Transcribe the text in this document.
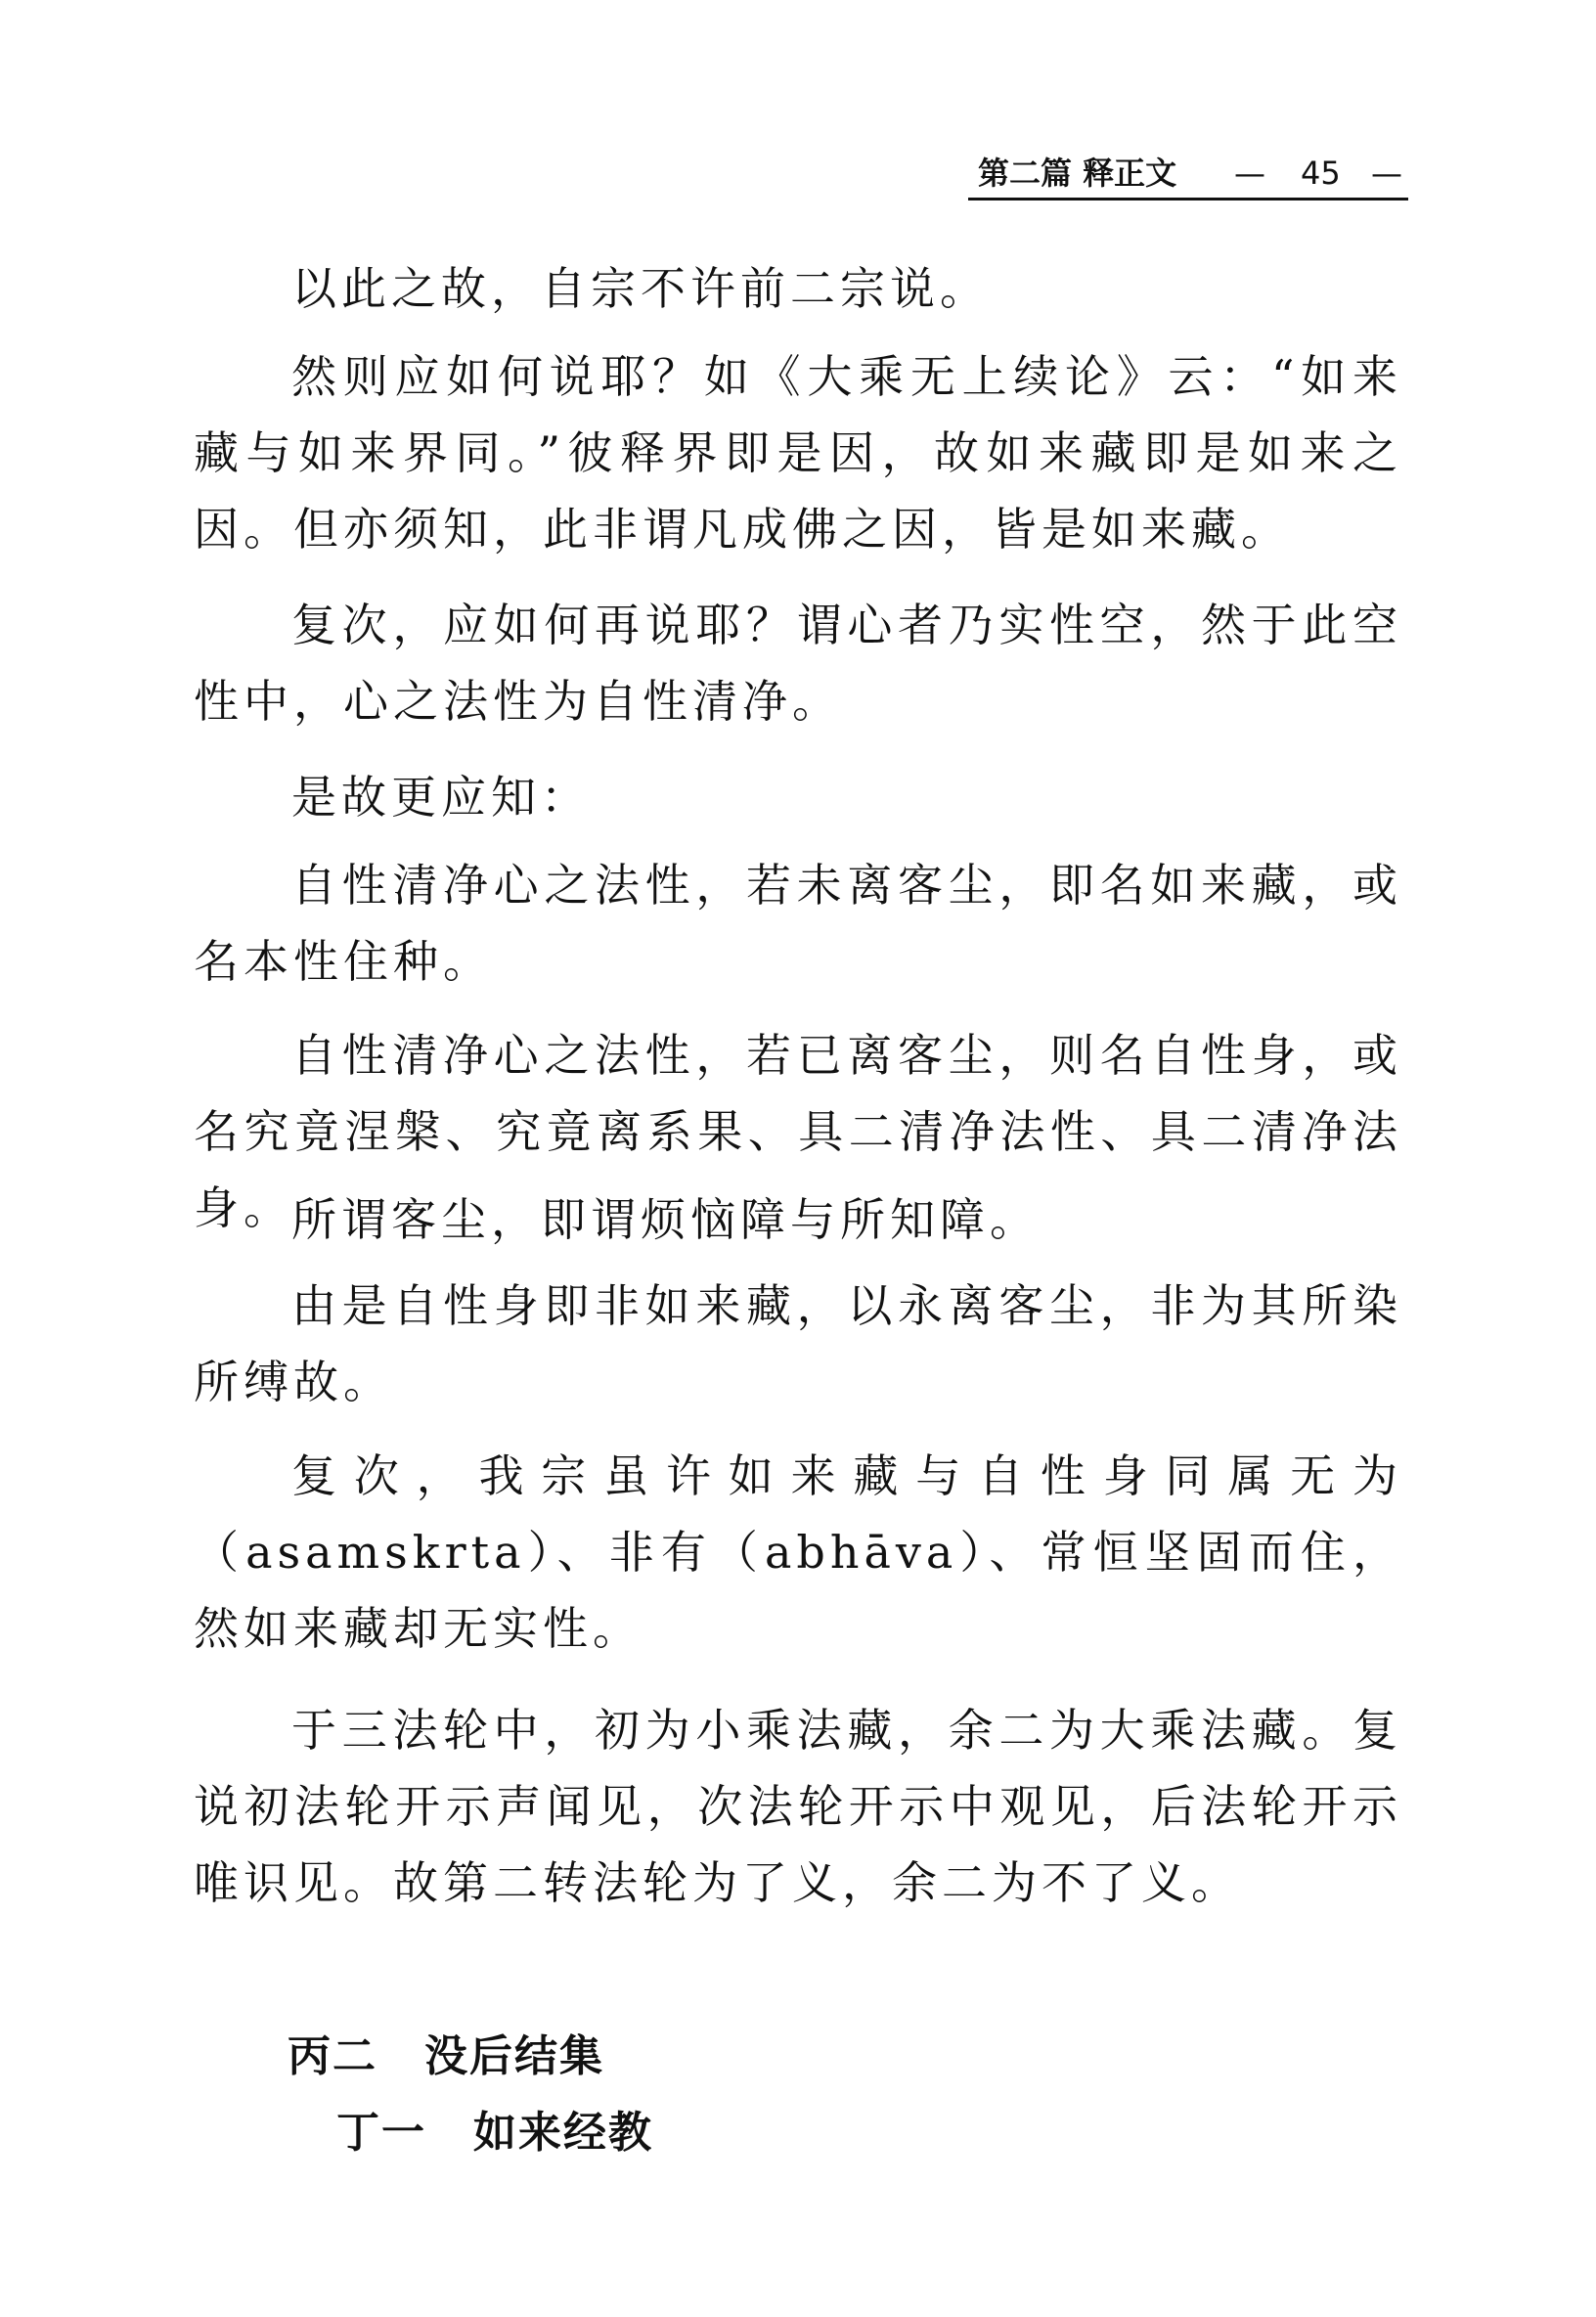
第二篇 释正文 — 45 —

以此之故，自宗不许前二宗说。

然则应如何说耶？如《大乘无上续论》云：“如来藏与如来界同。”彼释界即是因，故如来藏即是如来之因。但亦须知，此非谓凡成佛之因，皆是如来藏。

复次，应如何再说耶？谓心者乃实性空，然于此空性中，心之法性为自性清净。

是故更应知：

自性清净心之法性，若未离客尘，即名如来藏，或名本性住种。

自性清净心之法性，若已离客尘，则名自性身，或名究竟涅槃、究竟离系果、具二清净法性、具二清净法身。

所谓客尘，即谓烦恼障与所知障。

由是自性身即非如来藏，以永离客尘，非为其所染所缚故。

复次，我宗虽许如来藏与自性身同属无为（asamskrta）、非有（abhāva）、常恒坚固而住，然如来藏却无实性。

于三法轮中，初为小乘法藏，余二为大乘法藏。复说初法轮开示声闻见，次法轮开示中观见，后法轮开示唯识见。故第二转法轮为了义，余二为不了义。

丙二 没后结集
丁一 如来经教
